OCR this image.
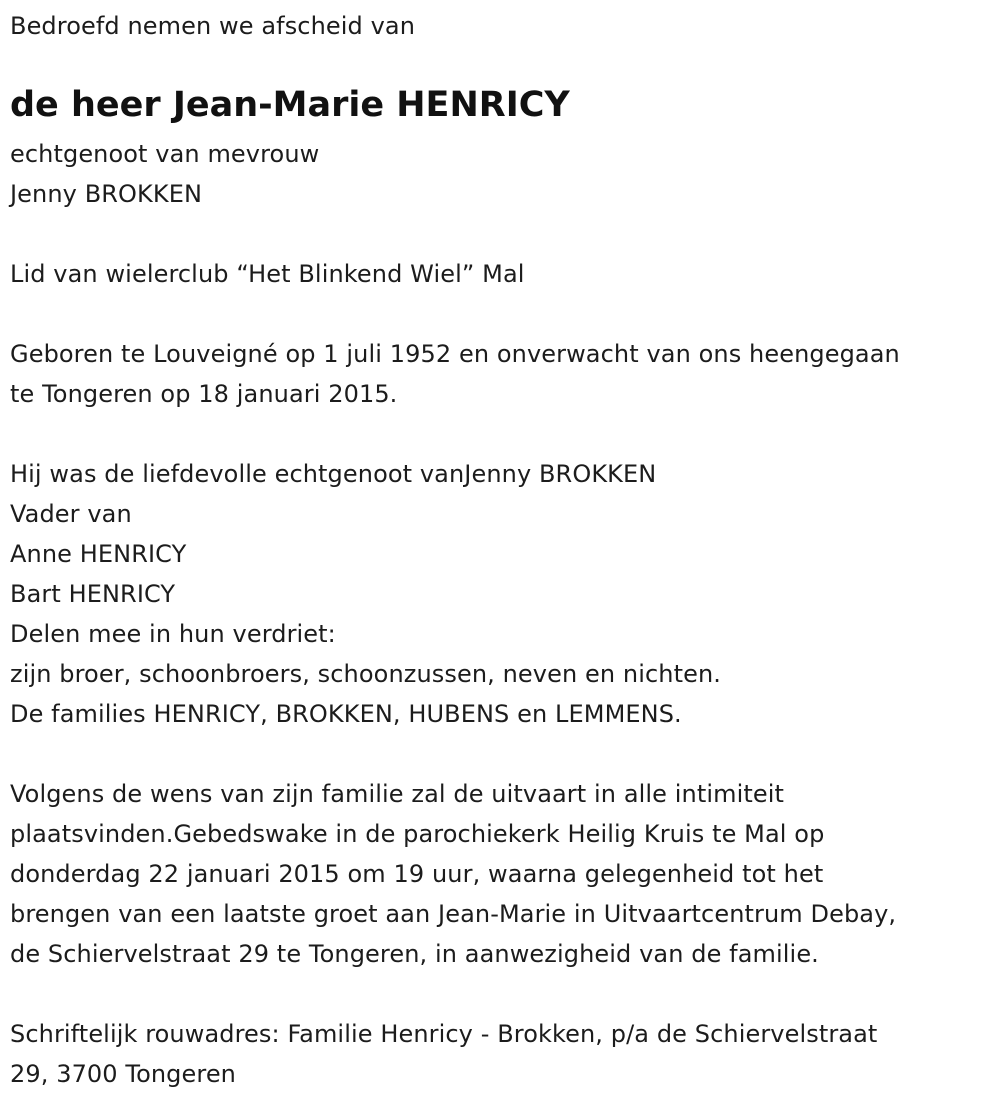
Bedroefd nemen we afscheid van
de heer Jean-Marie HENRICY
echtgenoot van mevrouw
Jenny BROKKEN
Lid van wielerclub “Het Blinkend Wiel” Mal
Geboren te Louveigné op 1 juli 1952 en onverwacht van ons heengegaan
te Tongeren op 18 januari 2015.
Hij was de liefdevolle echtgenoot vanJenny BROKKEN
Vader van
Anne HENRICY
Bart HENRICY
Delen mee in hun verdriet:
zijn broer, schoonbroers, schoonzussen, neven en nichten.
De families HENRICY, BROKKEN, HUBENS en LEMMENS.
Volgens de wens van zijn familie zal de uitvaart in alle intimiteit
plaatsvinden.Gebedswake in de parochiekerk Heilig Kruis te Mal op
donderdag 22 januari 2015 om 19 uur, waarna gelegenheid tot het
brengen van een laatste groet aan Jean-Marie in Uitvaartcentrum Debay,
de Schiervelstraat 29 te Tongeren, in aanwezigheid van de familie.
Schriftelijk rouwadres: Familie Henricy - Brokken, p/a de Schiervelstraat
29, 3700 Tongeren
